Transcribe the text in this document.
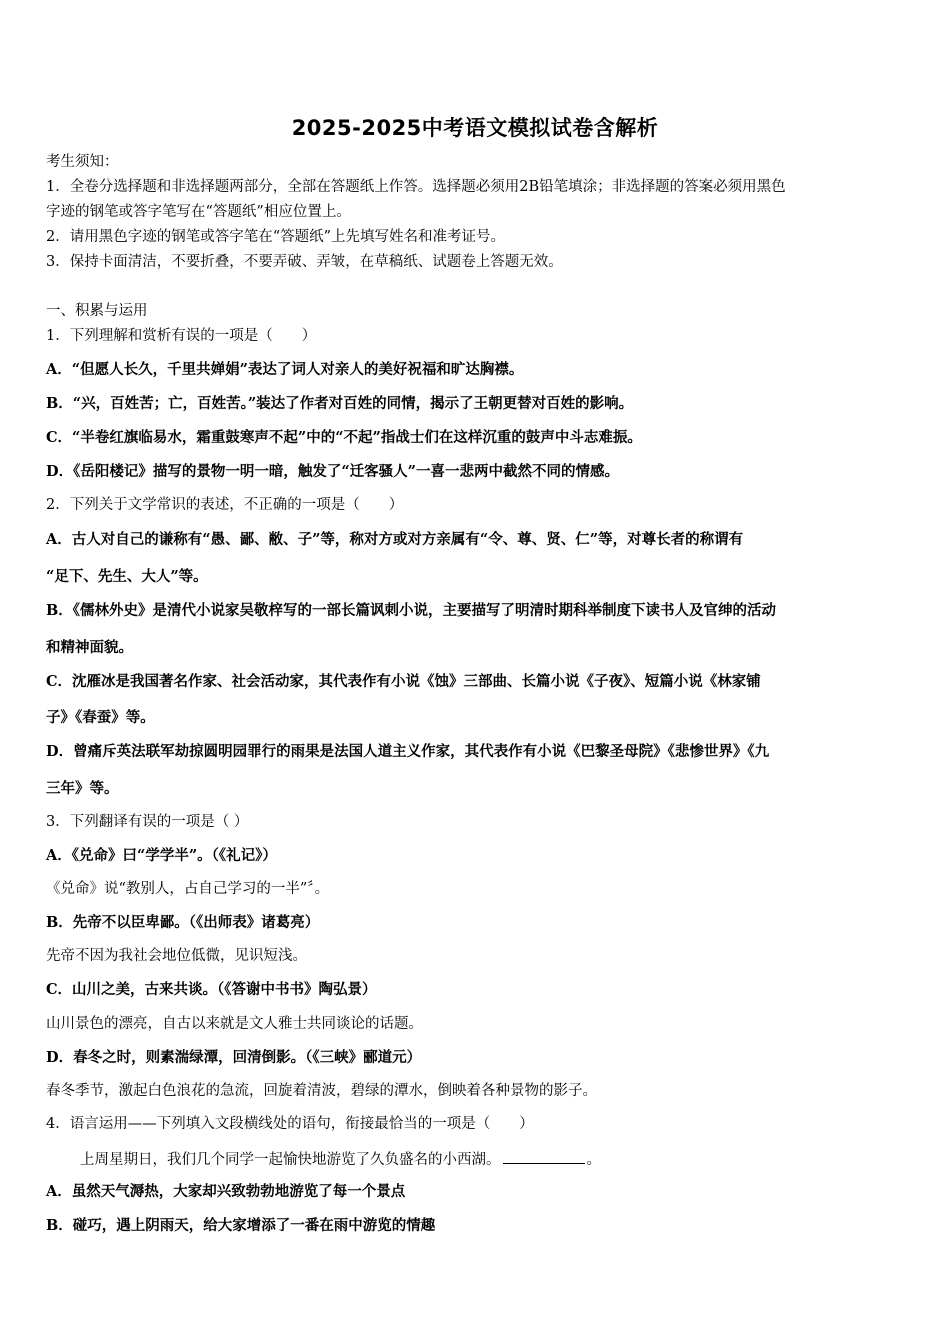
2025-2025中考语文模拟试卷含解析
考生须知：
1．全卷分选择题和非选择题两部分，全部在答题纸上作答。选择题必须用2B铅笔填涂；非选择题的答案必须用黑色
字迹的钢笔或答字笔写在“答题纸”相应位置上。
2．请用黑色字迹的钢笔或答字笔在“答题纸”上先填写姓名和准考证号。
3．保持卡面清洁，不要折叠，不要弄破、弄皱，在草稿纸、试题卷上答题无效。
一、积累与运用
1．下列理解和赏析有误的一项是（　　）
A．“但愿人长久，千里共婵娟”表达了词人对亲人的美好祝福和旷达胸襟。
B．“兴，百姓苦；亡，百姓苦。”装达了作者对百姓的同情，揭示了王朝更替对百姓的影响。
C．“半卷红旗临易水，霜重鼓寒声不起”中的“不起”指战士们在这样沉重的鼓声中斗志难振。
D．《岳阳楼记》描写的景物一明一暗，触发了“迁客骚人”一喜一悲两中截然不同的情感。
2．下列关于文学常识的表述，不正确的一项是（　　）
A．古人对自己的谦称有“愚、鄙、敝、子”等，称对方或对方亲属有“令、尊、贤、仁”等，对尊长者的称谓有
“足下、先生、大人”等。
B．《儒林外史》是清代小说家吴敬梓写的一部长篇讽刺小说，主要描写了明清时期科举制度下读书人及官绅的活动
和精神面貌。
C．沈雁冰是我国著名作家、社会活动家，其代表作有小说《蚀》三部曲、长篇小说《子夜》、短篇小说《林家铺
子》《春蚕》等。
D．曾痛斥英法联军劫掠圆明园罪行的雨果是法国人道主义作家，其代表作有小说《巴黎圣母院》《悲惨世界》《九
三年》等。
3．下列翻译有误的一项是（ ）
A．《兑命》曰“学学半”。（《礼记》）
《兑命》说“教别人，占自己学习的一半”〞。
B．先帝不以臣卑鄙。（《出师表》诸葛亮）
先帝不因为我社会地位低微，见识短浅。
C．山川之美，古来共谈。（《答谢中书书》陶弘景）
山川景色的漂亮，自古以来就是文人雅士共同谈论的话题。
D．春冬之时，则素湍绿潭，回清倒影。（《三峡》郦道元）
春冬季节，激起白色浪花的急流，回旋着清波，碧绿的潭水，倒映着各种景物的影子。
4．语言运用——下列填入文段横线处的语句，衔接最恰当的一项是（　　）
上周星期日，我们几个同学一起愉快地游览了久负盛名的小西湖。	。
A．虽然天气溽热，大家却兴致勃勃地游览了每一个景点
B．碰巧，遇上阴雨天，给大家增添了一番在雨中游览的情趣
